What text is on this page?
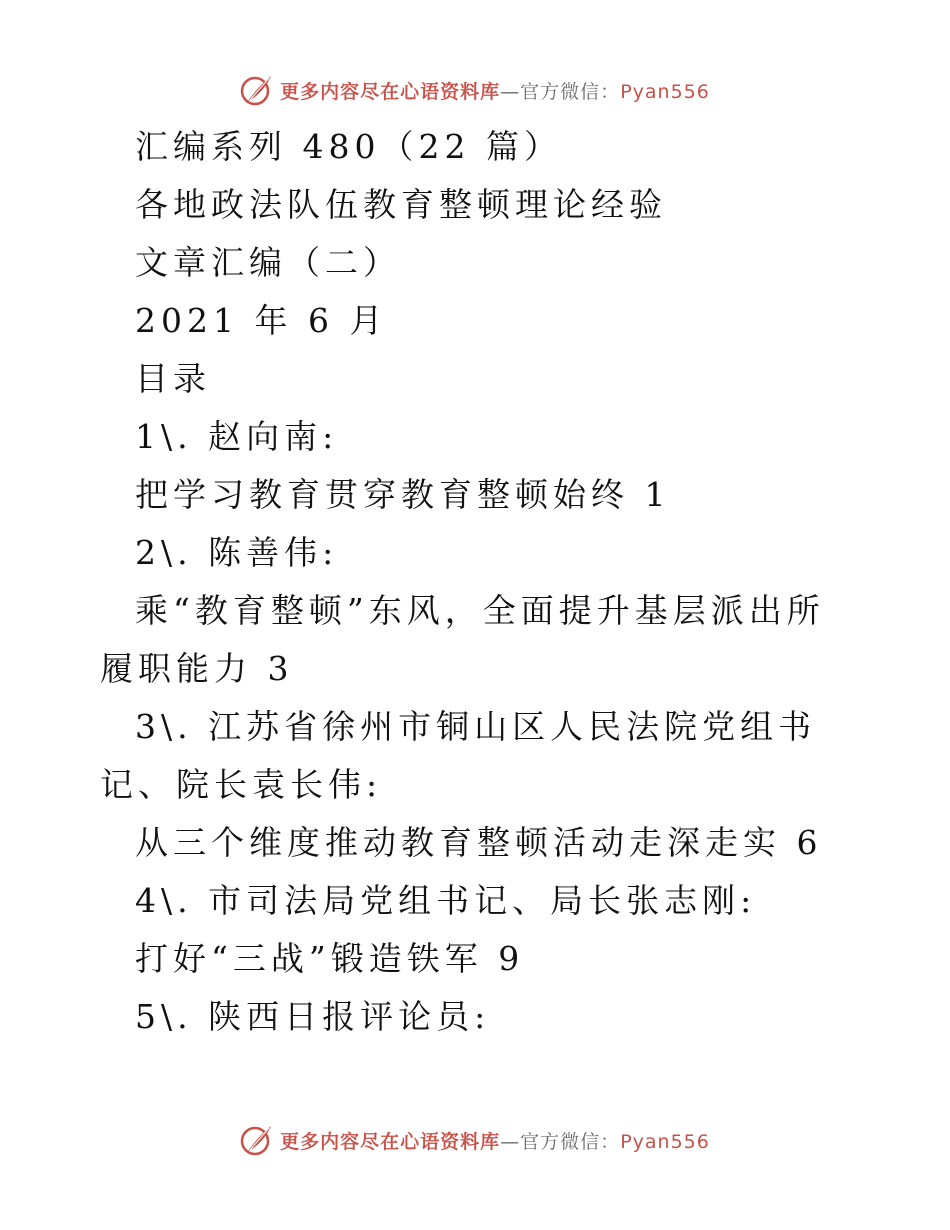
更多内容尽在心语资料库—官方微信：Pyan556

汇编系列 480（22 篇）

各地政法队伍教育整顿理论经验

文章汇编（二）

2021 年 6 月

目录

1\. 赵向南:

把学习教育贯穿教育整顿始终 1

2\. 陈善伟:

乘“教育整顿”东风，全面提升基层派出所履职能力 3

3\. 江苏省徐州市铜山区人民法院党组书记、院长袁长伟:

从三个维度推动教育整顿活动走深走实 6

4\. 市司法局党组书记、局长张志刚:

打好“三战”锻造铁军 9

5\. 陕西日报评论员:

更多内容尽在心语资料库—官方微信：Pyan556
